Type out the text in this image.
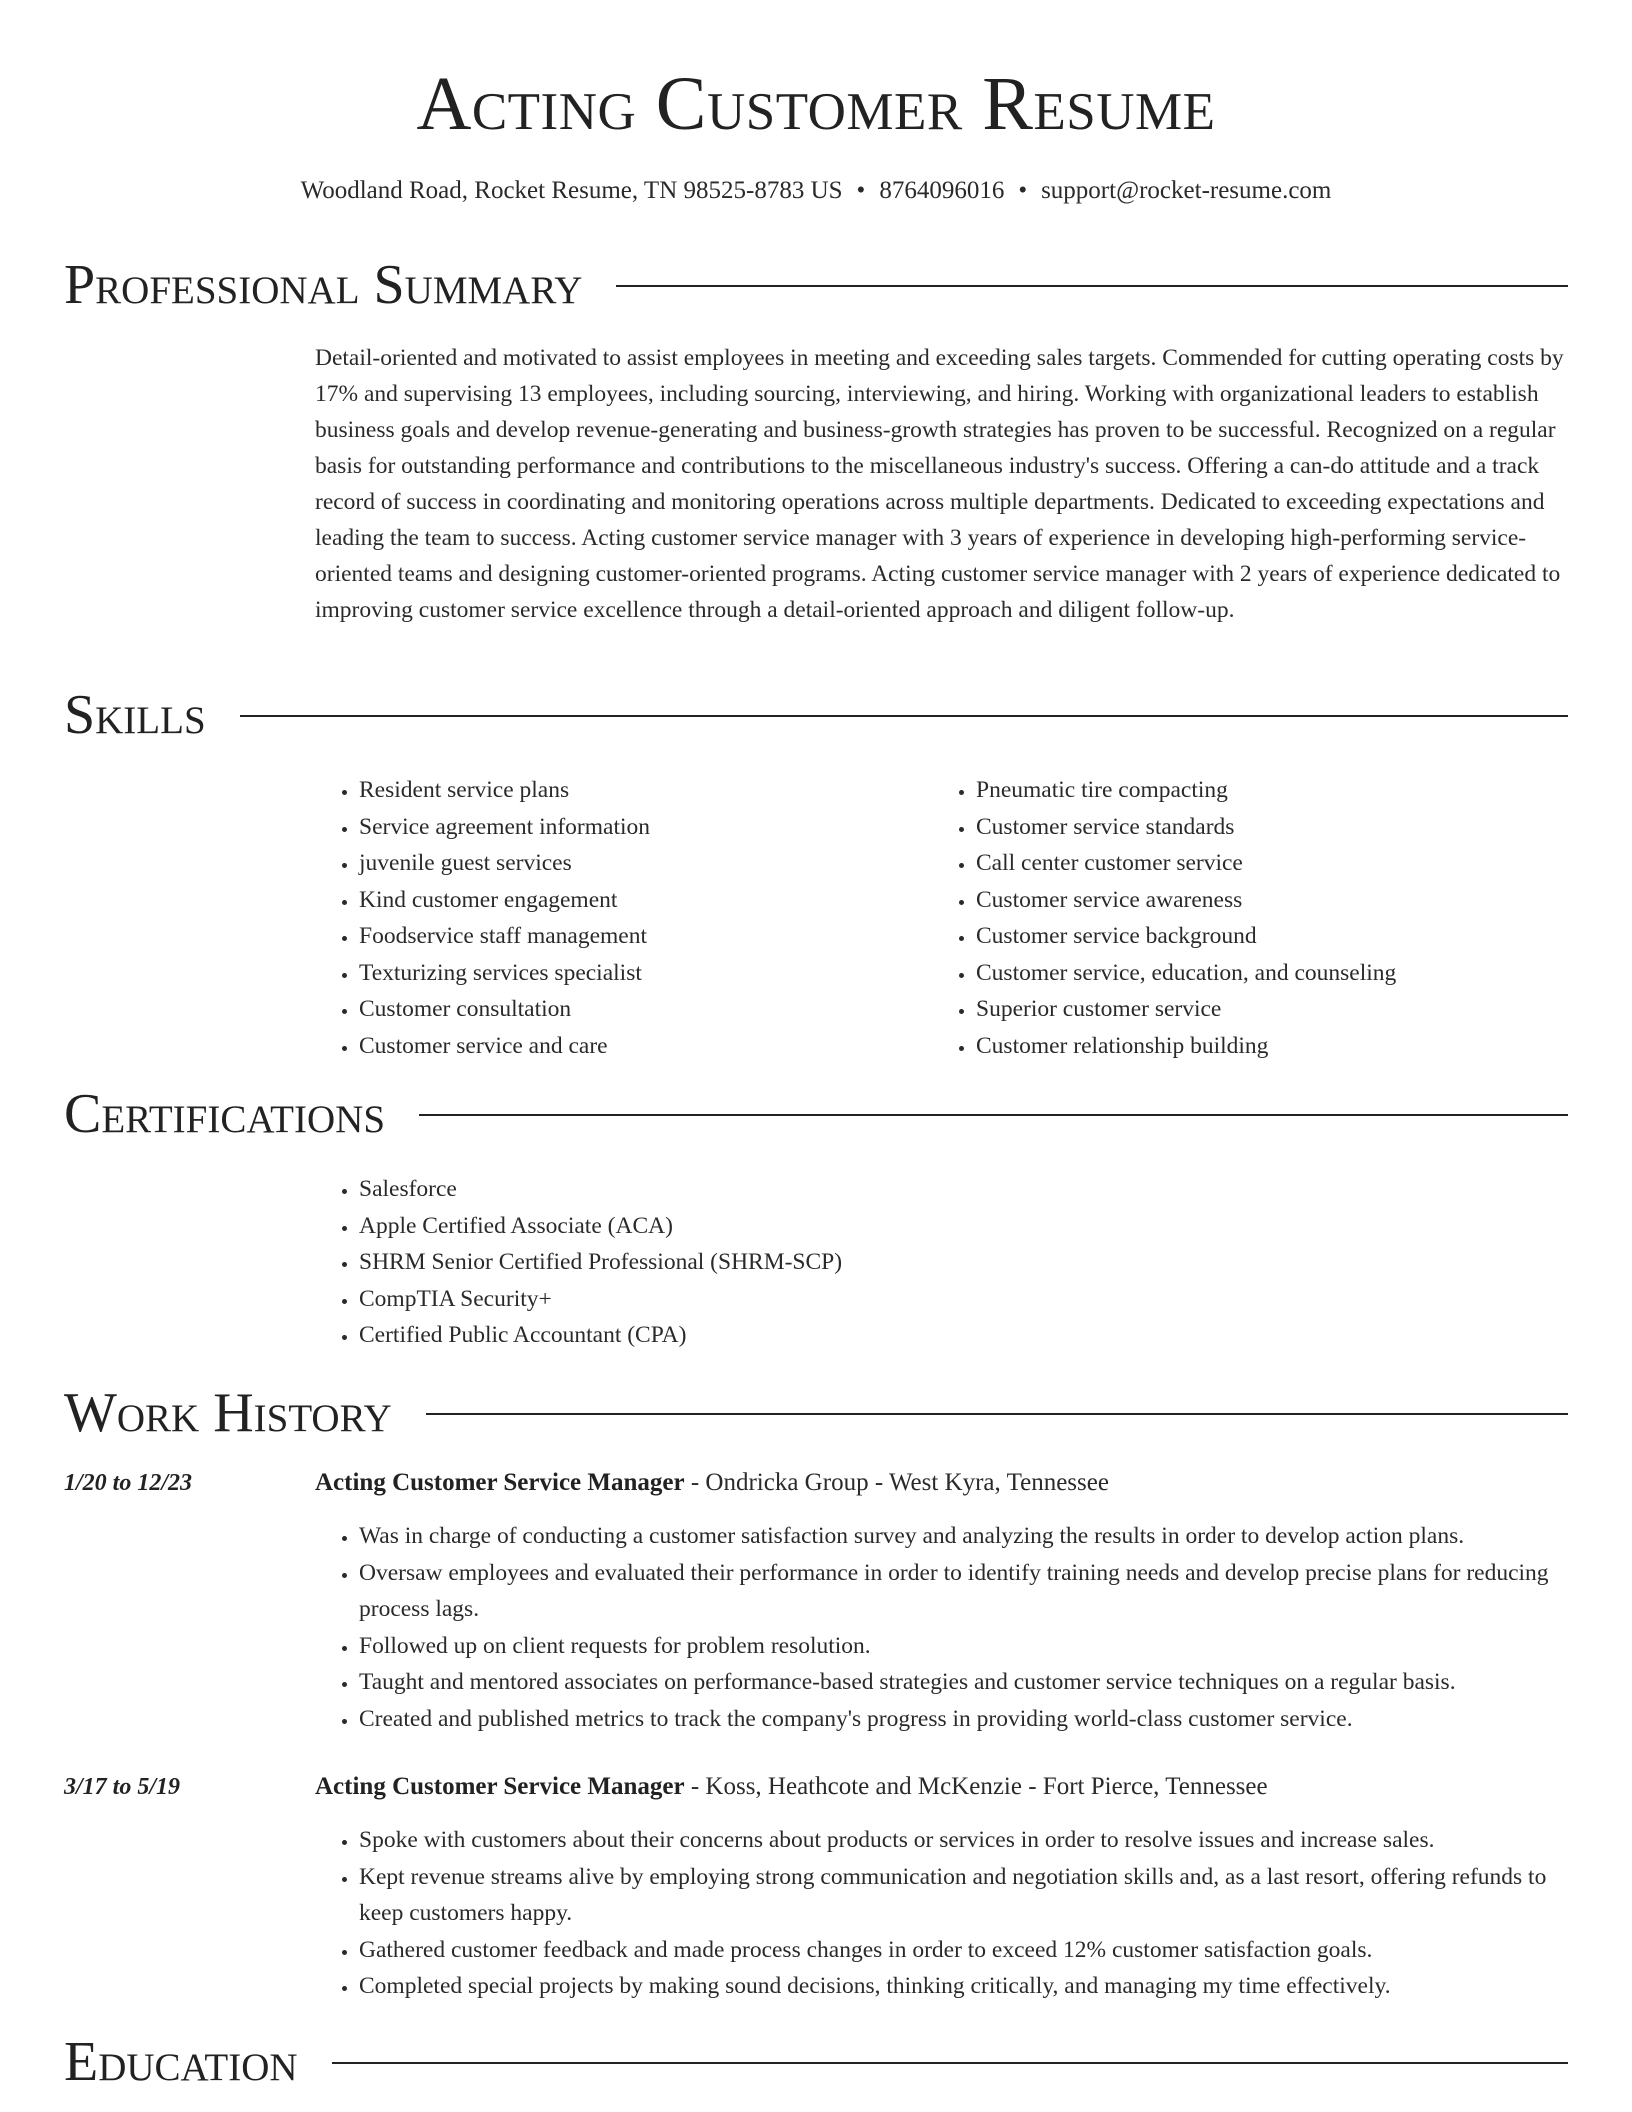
Acting Customer Resume
Woodland Road, Rocket Resume, TN 98525-8783 US • 8764096016 • support@rocket-resume.com
Professional Summary

Detail-oriented and motivated to assist employees in meeting and exceeding sales targets. Commended for cutting operating costs by 17% and supervising 13 employees, including sourcing, interviewing, and hiring. Working with organizational leaders to establish business goals and develop revenue-generating and business-growth strategies has proven to be successful. Recognized on a regular basis for outstanding performance and contributions to the miscellaneous industry's success. Offering a can-do attitude and a track record of success in coordinating and monitoring operations across multiple departments. Dedicated to exceeding expectations and leading the team to success. Acting customer service manager with 3 years of experience in developing high-performing service-oriented teams and designing customer-oriented programs. Acting customer service manager with 2 years of experience dedicated to improving customer service excellence through a detail-oriented approach and diligent follow-up.

Skills
• Resident service plans
• Service agreement information
• juvenile guest services
• Kind customer engagement
• Foodservice staff management
• Texturizing services specialist
• Customer consultation
• Customer service and care
• Pneumatic tire compacting
• Customer service standards
• Call center customer service
• Customer service awareness
• Customer service background
• Customer service, education, and counseling
• Superior customer service
• Customer relationship building
Certifications
• Salesforce
• Apple Certified Associate (ACA)
• SHRM Senior Certified Professional (SHRM-SCP)
• CompTIA Security+
• Certified Public Accountant (CPA)
Work History
1/20 to 12/23	Acting Customer Service Manager - Ondricka Group - West Kyra, Tennessee
• Was in charge of conducting a customer satisfaction survey and analyzing the results in order to develop action plans.
• Oversaw employees and evaluated their performance in order to identify training needs and develop precise plans for reducing process lags.
• Followed up on client requests for problem resolution.
• Taught and mentored associates on performance-based strategies and customer service techniques on a regular basis.
• Created and published metrics to track the company's progress in providing world-class customer service.
3/17 to 5/19	Acting Customer Service Manager - Koss, Heathcote and McKenzie - Fort Pierce, Tennessee
• Spoke with customers about their concerns about products or services in order to resolve issues and increase sales.
• Kept revenue streams alive by employing strong communication and negotiation skills and, as a last resort, offering refunds to keep customers happy.
• Gathered customer feedback and made process changes in order to exceed 12% customer satisfaction goals.
• Completed special projects by making sound decisions, thinking critically, and managing my time effectively.
Education
